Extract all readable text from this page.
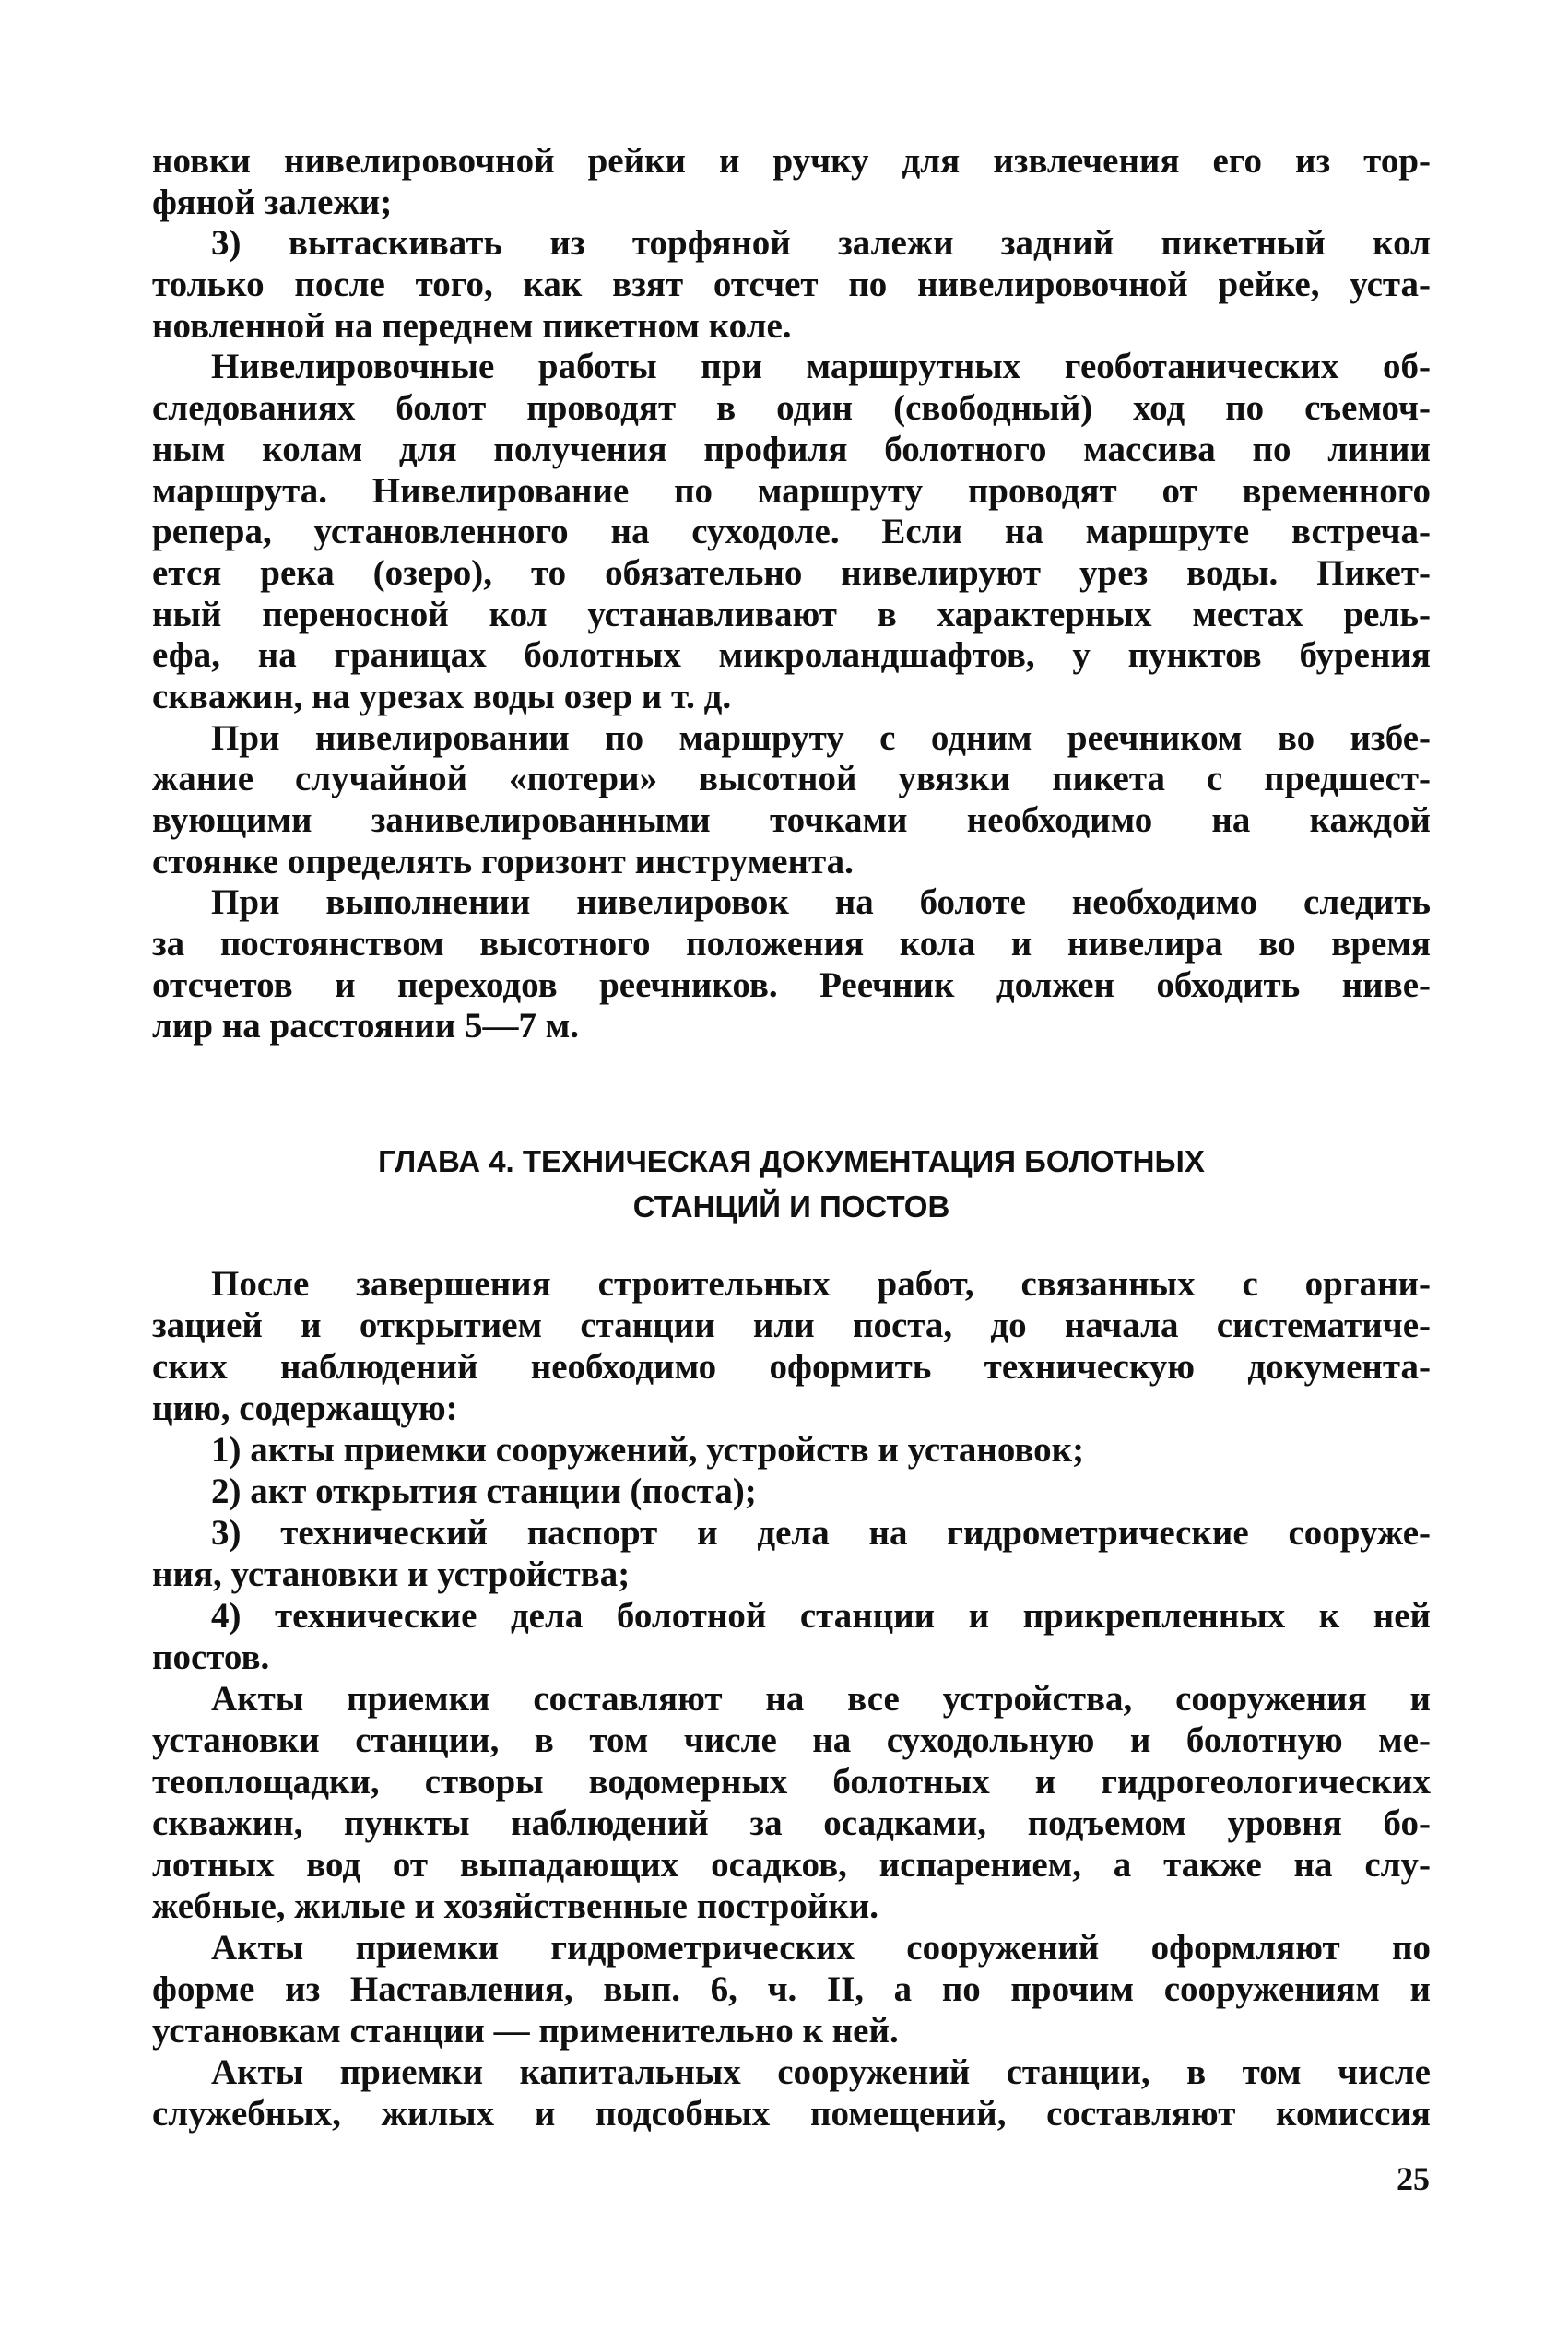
новки нивелировочной рейки и ручку для извлечения его из тор-
фяной залежи;
3) вытаскивать из торфяной залежи задний пикетный кол
только после того, как взят отсчет по нивелировочной рейке, уста-
новленной на переднем пикетном коле.
Нивелировочные работы при маршрутных геоботанических об-
следованиях болот проводят в один (свободный) ход по съемоч-
ным колам для получения профиля болотного массива по линии
маршрута. Нивелирование по маршруту проводят от временного
репера, установленного на суходоле. Если на маршруте встреча-
ется река (озеро), то обязательно нивелируют урез воды. Пикет-
ный переносной кол устанавливают в характерных местах рель-
ефа, на границах болотных микроландшафтов, у пунктов бурения
скважин, на урезах воды озер и т. д.
При нивелировании по маршруту с одним реечником во избе-
жание случайной «потери» высотной увязки пикета с предшест-
вующими занивелированными точками необходимо на каждой
стоянке определять горизонт инструмента.
При выполнении нивелировок на болоте необходимо следить
за постоянством высотного положения кола и нивелира во время
отсчетов и переходов реечников. Реечник должен обходить ниве-
лир на расстоянии 5—7 м.
ГЛАВА 4. ТЕХНИЧЕСКАЯ ДОКУМЕНТАЦИЯ БОЛОТНЫХ
СТАНЦИЙ И ПОСТОВ
После завершения строительных работ, связанных с органи-
зацией и открытием станции или поста, до начала систематиче-
ских наблюдений необходимо оформить техническую документа-
цию, содержащую:
1) акты приемки сооружений, устройств и установок;
2) акт открытия станции (поста);
3) технический паспорт и дела на гидрометрические сооруже-
ния, установки и устройства;
4) технические дела болотной станции и прикрепленных к ней
постов.
Акты приемки составляют на все устройства, сооружения и
установки станции, в том числе на суходольную и болотную ме-
теоплощадки, створы водомерных болотных и гидрогеологических
скважин, пункты наблюдений за осадками, подъемом уровня бо-
лотных вод от выпадающих осадков, испарением, а также на слу-
жебные, жилые и хозяйственные постройки.
Акты приемки гидрометрических сооружений оформляют по
форме из Наставления, вып. 6, ч. II, а по прочим сооружениям и
установкам станции — применительно к ней.
Акты приемки капитальных сооружений станции, в том числе
служебных, жилых и подсобных помещений, составляют комиссия
25
